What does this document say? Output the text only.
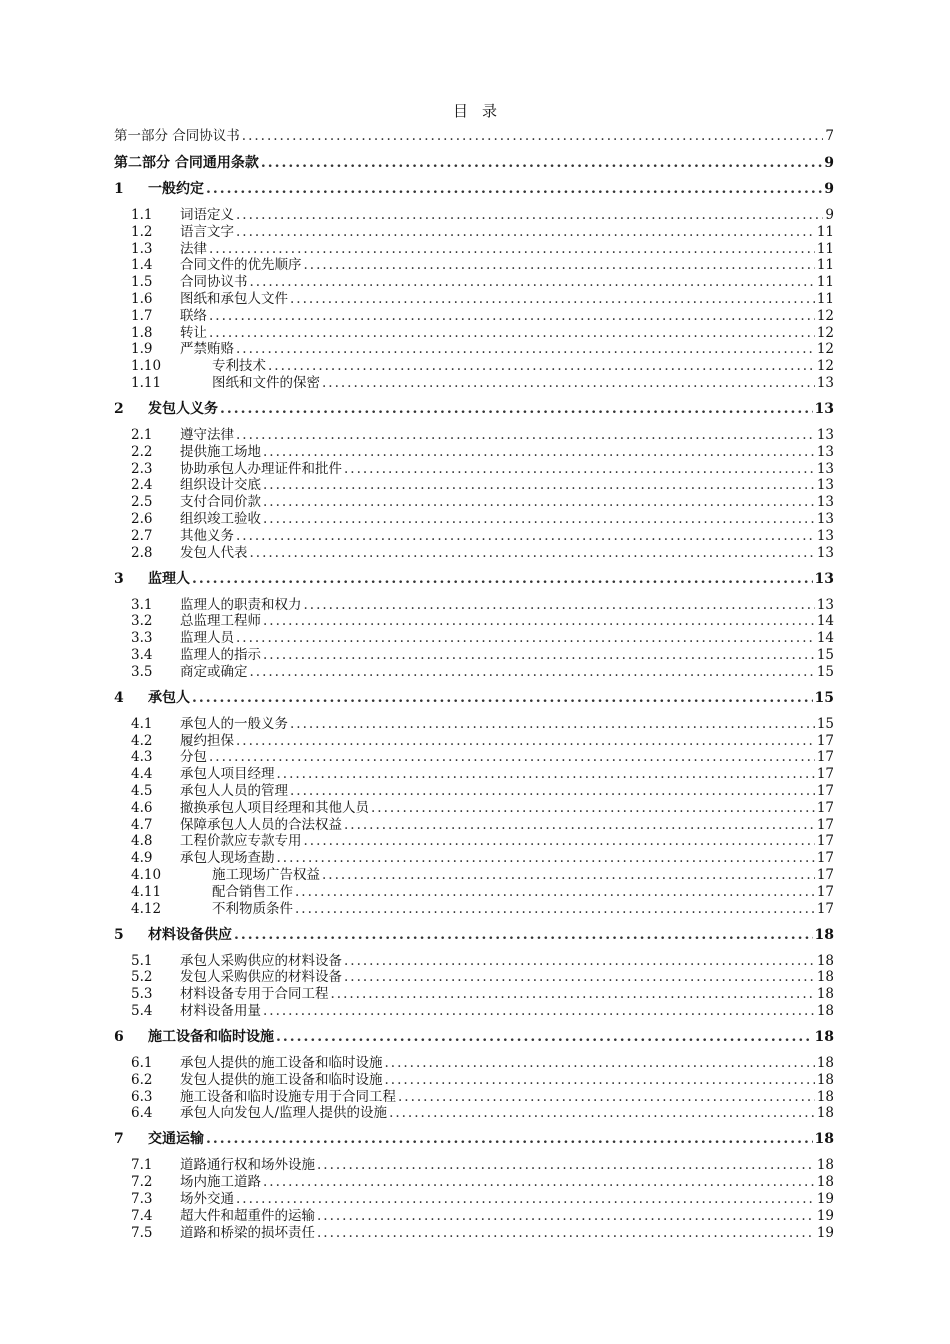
目录
第一部分 合同协议书 .....	7
第二部分 合同通用条款 .....	9
1	一般约定 .....	9
1.1	词语定义 .....	9
1.2	语言文字 .....	11
1.3	法律 .....	11
1.4	合同文件的优先顺序 .....	11
1.5	合同协议书 .....	11
1.6	图纸和承包人文件 .....	11
1.7	联络 .....	12
1.8	转让 .....	12
1.9	严禁贿赂 .....	12
1.10	专利技术 .....	12
1.11	图纸和文件的保密 .....	13
2	发包人义务 .....	13
2.1	遵守法律 .....	13
2.2	提供施工场地 .....	13
2.3	协助承包人办理证件和批件 .....	13
2.4	组织设计交底 .....	13
2.5	支付合同价款 .....	13
2.6	组织竣工验收 .....	13
2.7	其他义务 .....	13
2.8	发包人代表 .....	13
3	监理人 .....	13
3.1	监理人的职责和权力 .....	13
3.2	总监理工程师 .....	14
3.3	监理人员 .....	14
3.4	监理人的指示 .....	15
3.5	商定或确定 .....	15
4	承包人 .....	15
4.1	承包人的一般义务 .....	15
4.2	履约担保 .....	17
4.3	分包 .....	17
4.4	承包人项目经理 .....	17
4.5	承包人人员的管理 .....	17
4.6	撤换承包人项目经理和其他人员 .....	17
4.7	保障承包人人员的合法权益 .....	17
4.8	工程价款应专款专用 .....	17
4.9	承包人现场查勘 .....	17
4.10	施工现场广告权益 .....	17
4.11	配合销售工作 .....	17
4.12	不利物质条件 .....	17
5	材料设备供应 .....	18
5.1	承包人采购供应的材料设备 .....	18
5.2	发包人采购供应的材料设备 .....	18
5.3	材料设备专用于合同工程 .....	18
5.4	材料设备用量 .....	18
6	施工设备和临时设施 .....	18
6.1	承包人提供的施工设备和临时设施 .....	18
6.2	发包人提供的施工设备和临时设施 .....	18
6.3	施工设备和临时设施专用于合同工程 .....	18
6.4	承包人向发包人/监理人提供的设施 .....	18
7	交通运输 .....	18
7.1	道路通行权和场外设施 .....	18
7.2	场内施工道路 .....	18
7.3	场外交通 .....	19
7.4	超大件和超重件的运输 .....	19
7.5	道路和桥梁的损坏责任 .....	19
